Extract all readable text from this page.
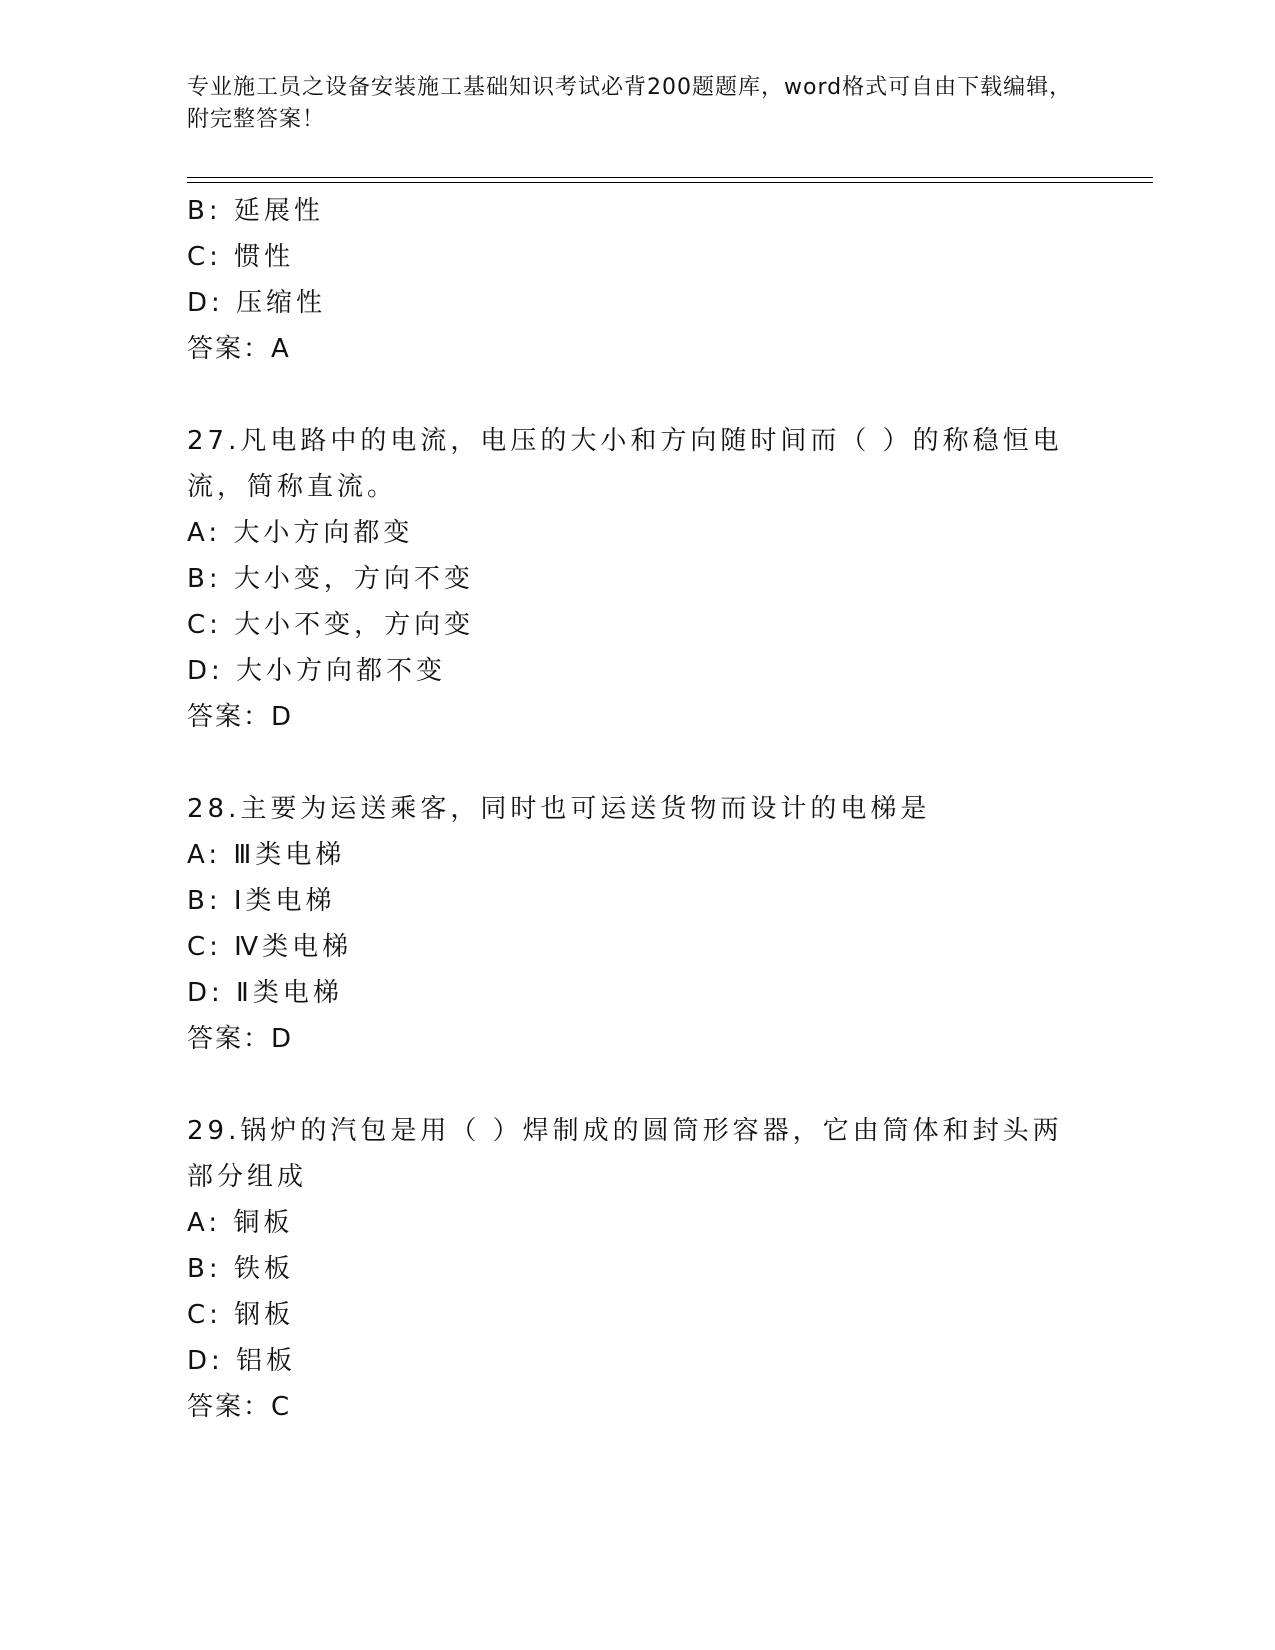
专业施工员之设备安装施工基础知识考试必背200题题库，word格式可自由下载编辑，附完整答案！
B: 延展性
C: 惯性
D: 压缩性
答案：A
27.凡电路中的电流，电压的大小和方向随时间而（ ）的称稳恒电流，简称直流。
A: 大小方向都变
B: 大小变，方向不变
C: 大小不变，方向变
D: 大小方向都不变
答案：D
28.主要为运送乘客，同时也可运送货物而设计的电梯是
A: Ⅲ类电梯
B: Ⅰ类电梯
C: Ⅳ类电梯
D: Ⅱ类电梯
答案：D
29.锅炉的汽包是用（ ）焊制成的圆筒形容器，它由筒体和封头两部分组成
A: 铜板
B: 铁板
C: 钢板
D: 铝板
答案：C
